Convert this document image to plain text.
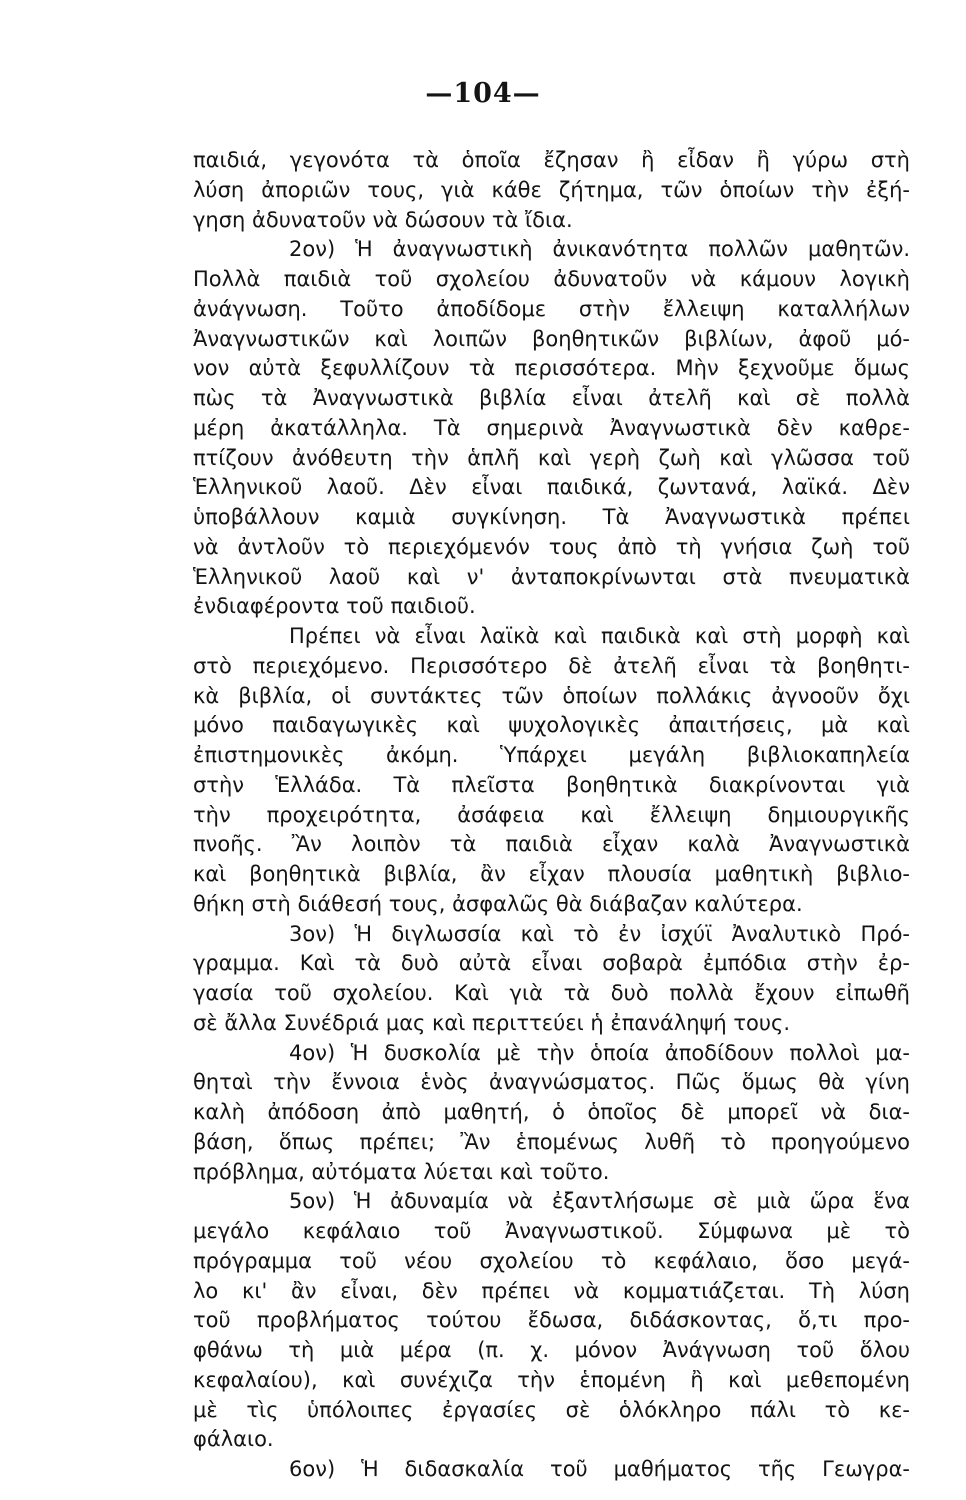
—104—
παιδιά, γεγονότα τὰ ὁποῖα ἔζησαν ἢ εἶδαν ἢ γύρω στὴ
λύση ἀποριῶν τους, γιὰ κάθε ζήτημα, τῶν ὁποίων τὴν ἐξή-
γηση ἀδυνατοῦν νὰ δώσουν τὰ ἴδια.
2ον) Ἡ ἀναγνωστικὴ ἀνικανότητα πολλῶν μαθητῶν.
Πολλὰ παιδιὰ τοῦ σχολείου ἀδυνατοῦν νὰ κάμουν λογικὴ
ἀνάγνωση. Τοῦτο ἀποδίδομε στὴν ἔλλειψη καταλλήλων
Ἀναγνωστικῶν καὶ λοιπῶν βοηθητικῶν βιβλίων, ἀφοῦ μό-
νον αὐτὰ ξεφυλλίζουν τὰ περισσότερα. Μὴν ξεχνοῦμε ὅμως
πὼς τὰ Ἀναγνωστικὰ βιβλία εἶναι ἀτελῆ καὶ σὲ πολλὰ
μέρη ἀκατάλληλα. Τὰ σημερινὰ Ἀναγνωστικὰ δὲν καθρε-
πτίζουν ἀνόθευτη τὴν ἁπλῆ καὶ γερὴ ζωὴ καὶ γλῶσσα τοῦ
Ἑλληνικοῦ λαοῦ. Δὲν εἶναι παιδικά, ζωντανά, λαϊκά. Δὲν
ὑποβάλλουν καμιὰ συγκίνηση. Τὰ Ἀναγνωστικὰ πρέπει
νὰ ἀντλοῦν τὸ περιεχόμενόν τους ἀπὸ τὴ γνήσια ζωὴ τοῦ
Ἑλληνικοῦ λαοῦ καὶ ν' ἀνταποκρίνωνται στὰ πνευματικὰ
ἐνδιαφέροντα τοῦ παιδιοῦ.
Πρέπει νὰ εἶναι λαϊκὰ καὶ παιδικὰ καὶ στὴ μορφὴ καὶ
στὸ περιεχόμενο. Περισσότερο δὲ ἀτελῆ εἶναι τὰ βοηθητι-
κὰ βιβλία, οἱ συντάκτες τῶν ὁποίων πολλάκις ἀγνοοῦν ὄχι
μόνο παιδαγωγικὲς καὶ ψυχολογικὲς ἀπαιτήσεις, μὰ καὶ
ἐπιστημονικὲς ἀκόμη. Ὑπάρχει μεγάλη βιβλιοκαπηλεία
στὴν Ἑλλάδα. Τὰ πλεῖστα βοηθητικὰ διακρίνονται γιὰ
τὴν προχειρότητα, ἀσάφεια καὶ ἔλλειψη δημιουργικῆς
πνοῆς. Ἂν λοιπὸν τὰ παιδιὰ εἶχαν καλὰ Ἀναγνωστικὰ
καὶ βοηθητικὰ βιβλία, ἂν εἶχαν πλουσία μαθητικὴ βιβλιο-
θήκη στὴ διάθεσή τους, ἀσφαλῶς θὰ διάβαζαν καλύτερα.
3ον) Ἡ διγλωσσία καὶ τὸ ἐν ἰσχύϊ Ἀναλυτικὸ Πρό-
γραμμα. Καὶ τὰ δυὸ αὐτὰ εἶναι σοβαρὰ ἐμπόδια στὴν ἐρ-
γασία τοῦ σχολείου. Καὶ γιὰ τὰ δυὸ πολλὰ ἔχουν εἰπωθῆ
σὲ ἄλλα Συνέδριά μας καὶ περιττεύει ἡ ἐπανάληψή τους.
4ον) Ἡ δυσκολία μὲ τὴν ὁποία ἀποδίδουν πολλοὶ μα-
θηταὶ τὴν ἔννοια ἑνὸς ἀναγνώσματος. Πῶς ὅμως θὰ γίνη
καλὴ ἀπόδοση ἀπὸ μαθητή, ὁ ὁποῖος δὲ μπορεῖ νὰ δια-
βάση, ὅπως πρέπει; Ἂν ἑπομένως λυθῆ τὸ προηγούμενο
πρόβλημα, αὐτόματα λύεται καὶ τοῦτο.
5ον) Ἡ ἀδυναμία νὰ ἐξαντλήσωμε σὲ μιὰ ὥρα ἕνα
μεγάλο κεφάλαιο τοῦ Ἀναγνωστικοῦ. Σύμφωνα μὲ τὸ
πρόγραμμα τοῦ νέου σχολείου τὸ κεφάλαιο, ὅσο μεγά-
λο κι' ἂν εἶναι, δὲν πρέπει νὰ κομματιάζεται. Τὴ λύση
τοῦ προβλήματος τούτου ἔδωσα, διδάσκοντας, ὅ,τι προ-
φθάνω τὴ μιὰ μέρα (π. χ. μόνον Ἀνάγνωση τοῦ ὅλου
κεφαλαίου), καὶ συνέχιζα τὴν ἑπομένη ἢ καὶ μεθεπομένη
μὲ τὶς ὑπόλοιπες ἐργασίες σὲ ὁλόκληρο πάλι τὸ κε-
φάλαιο.
6ον) Ἡ διδασκαλία τοῦ μαθήματος τῆς Γεωγρα-
